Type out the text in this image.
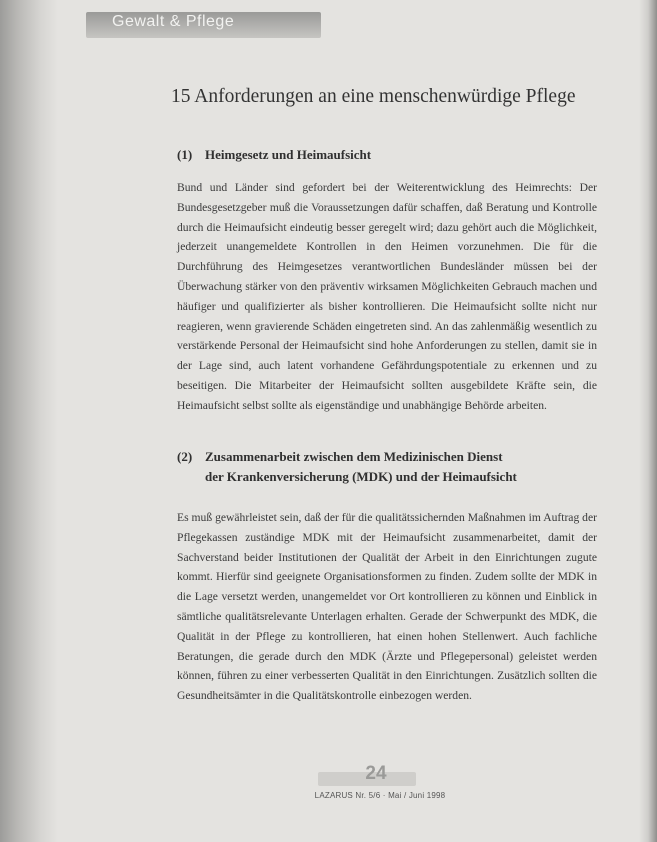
Gewalt & Pflege
15 Anforderungen an eine menschenwürdige Pflege
(1) Heimgesetz und Heimaufsicht

Bund und Länder sind gefordert bei der Weiterentwicklung des Heimrechts: Der Bundesgesetzgeber muß die Voraussetzungen dafür schaffen, daß Beratung und Kontrolle durch die Heimaufsicht eindeutig besser geregelt wird; dazu gehört auch die Möglichkeit, jederzeit unangemeldete Kontrollen in den Heimen vorzunehmen. Die für die Durchführung des Heimgesetzes verantwortlichen Bundesländer müssen bei der Überwachung stärker von den präventiv wirksamen Möglichkeiten Gebrauch machen und häufiger und qualifizierter als bisher kontrollieren. Die Heimaufsicht sollte nicht nur reagieren, wenn gravierende Schäden eingetreten sind. An das zahlenmäßig wesentlich zu verstärkende Personal der Heimaufsicht sind hohe Anforderungen zu stellen, damit sie in der Lage sind, auch latent vorhandene Gefährdungspotentiale zu erkennen und zu beseitigen. Die Mitarbeiter der Heimaufsicht sollten ausgebildete Kräfte sein, die Heimaufsicht selbst sollte als eigenständige und unabhängige Behörde arbeiten.

(2) Zusammenarbeit zwischen dem Medizinischen Dienst
der Krankenversicherung (MDK) und der Heimaufsicht

Es muß gewährleistet sein, daß der für die qualitätssichernden Maßnahmen im Auftrag der Pflegekassen zuständige MDK mit der Heimaufsicht zusammenarbeitet, damit der Sachverstand beider Institutionen der Qualität der Arbeit in den Einrichtungen zugute kommt. Hierfür sind geeignete Organisationsformen zu finden. Zudem sollte der MDK in die Lage versetzt werden, unangemeldet vor Ort kontrollieren zu können und Einblick in sämtliche qualitätsrelevante Unterlagen erhalten. Gerade der Schwerpunkt des MDK, die Qualität in der Pflege zu kontrollieren, hat einen hohen Stellenwert. Auch fachliche Beratungen, die gerade durch den MDK (Ärzte und Pflegepersonal) geleistet werden können, führen zu einer verbesserten Qualität in den Einrichtungen. Zusätzlich sollten die Gesundheitsämter in die Qualitätskontrolle einbezogen werden.

24
LAZARUS Nr. 5/6 · Mai / Juni 1998
